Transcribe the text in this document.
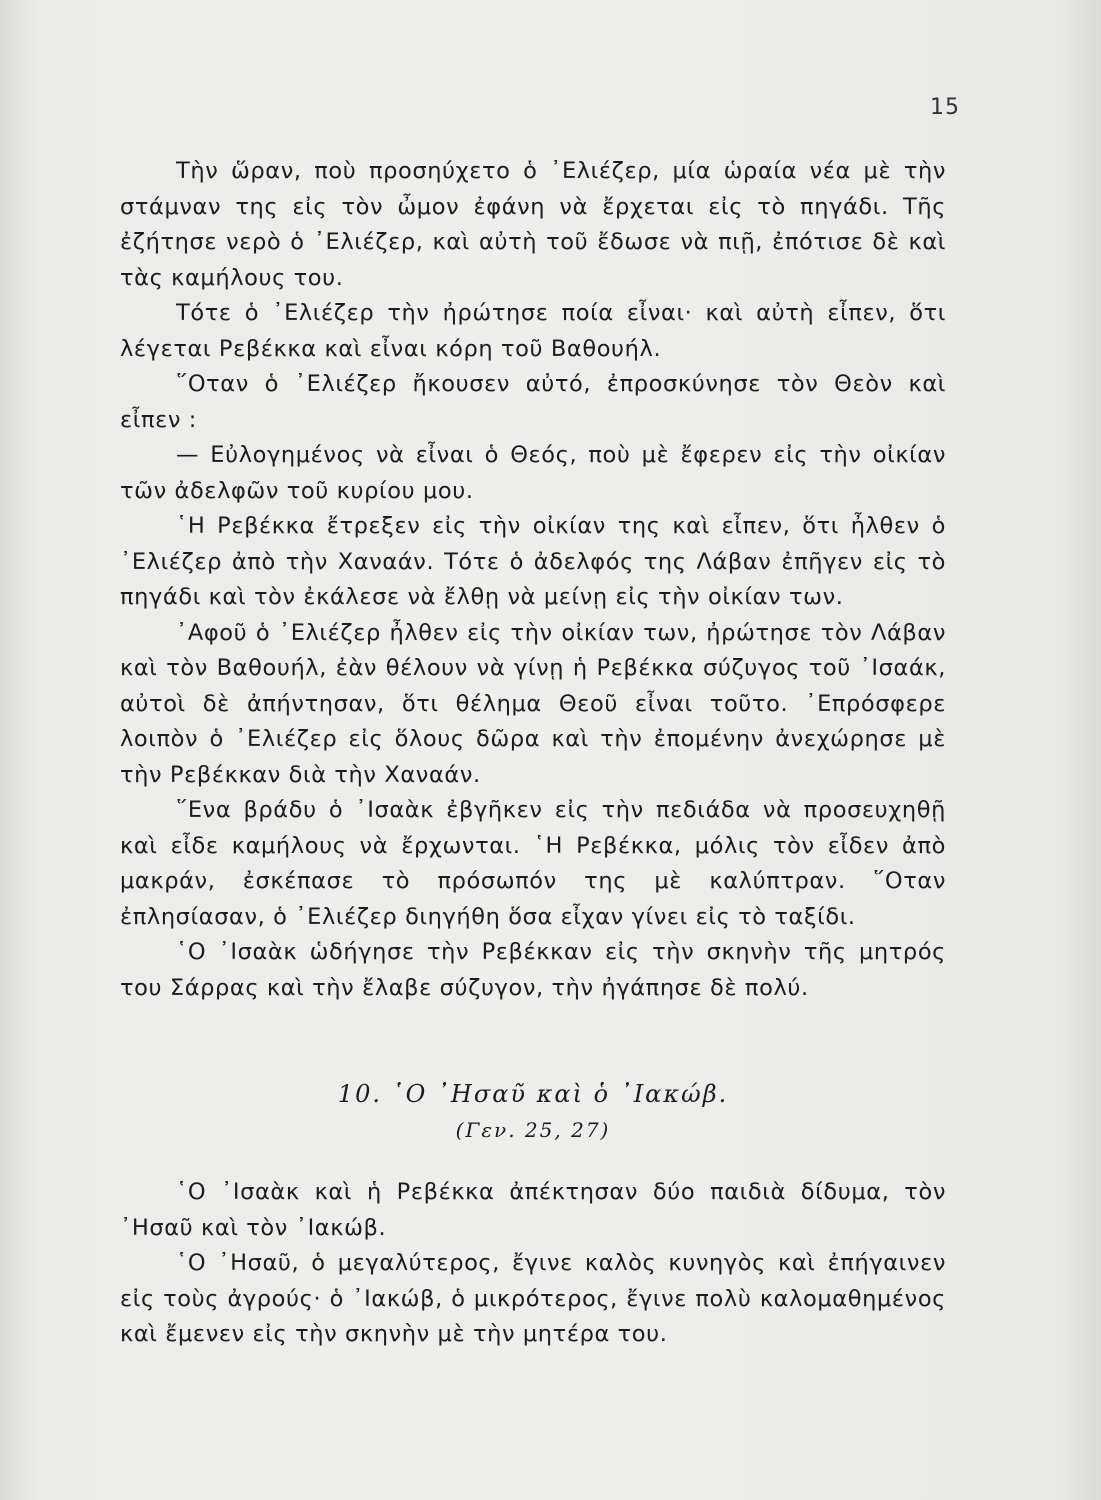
15

Τὴν ὥραν, ποὺ προσηύχετο ὁ ᾿Ελιέζερ, μία ὡραία νέα μὲ τὴν στάμναν της εἰς τὸν ὦμον ἐφάνη νὰ ἔρχεται εἰς τὸ πηγάδι. Τῆς ἐζήτησε νερὸ ὁ ᾿Ελιέζερ, καὶ αὐτὴ τοῦ ἔδωσε νὰ πιῇ, ἐπότισε δὲ καὶ τὰς καμήλους του.

Τότε ὁ ᾿Ελιέζερ τὴν ἠρώτησε ποία εἶναι· καὶ αὐτὴ εἶπεν, ὅτι λέγεται Ρεβέκκα καὶ εἶναι κόρη τοῦ Βαθουήλ.

῞Οταν ὁ ᾿Ελιέζερ ἤκουσεν αὐτό, ἐπροσκύνησε τὸν Θεὸν καὶ εἶπεν :

— Εὐλογημένος νὰ εἶναι ὁ Θεός, ποὺ μὲ ἔφερεν εἰς τὴν οἰκίαν τῶν ἀδελφῶν τοῦ κυρίου μου.

῾Η Ρεβέκκα ἔτρεξεν εἰς τὴν οἰκίαν της καὶ εἶπεν, ὅτι ἦλθεν ὁ ᾿Ελιέζερ ἀπὸ τὴν Χαναάν. Τότε ὁ ἀδελφός της Λάβαν ἐπῆγεν εἰς τὸ πηγάδι καὶ τὸν ἐκάλεσε νὰ ἔλθῃ νὰ μείνῃ εἰς τὴν οἰκίαν των.

᾿Αφοῦ ὁ ᾿Ελιέζερ ἦλθεν εἰς τὴν οἰκίαν των, ἠρώτησε τὸν Λάβαν καὶ τὸν Βαθουήλ, ἐὰν θέλουν νὰ γίνῃ ἡ Ρεβέκκα σύζυγος τοῦ ᾿Ισαάκ, αὐτοὶ δὲ ἀπήντησαν, ὅτι θέλημα Θεοῦ εἶναι τοῦτο. ᾿Επρόσφερε λοιπὸν ὁ ᾿Ελιέζερ εἰς ὅλους δῶρα καὶ τὴν ἐπομένην ἀνεχώρησε μὲ τὴν Ρεβέκκαν διὰ τὴν Χαναάν.

῞Ενα βράδυ ὁ ᾿Ισαὰκ ἐβγῆκεν εἰς τὴν πεδιάδα νὰ προσευχηθῇ καὶ εἶδε καμήλους νὰ ἔρχωνται. ῾Η Ρεβέκκα, μόλις τὸν εἶδεν ἀπὸ μακράν, ἐσκέπασε τὸ πρόσωπόν της μὲ καλύπτραν. ῞Οταν ἐπλησίασαν, ὁ ᾿Ελιέζερ διηγήθη ὅσα εἶχαν γίνει εἰς τὸ ταξίδι.

῾Ο ᾿Ισαὰκ ὡδήγησε τὴν Ρεβέκκαν εἰς τὴν σκηνὴν τῆς μητρός του Σάρρας καὶ τὴν ἔλαβε σύζυγον, τὴν ἠγάπησε δὲ πολύ.

10. ῾Ο ᾿Ησαῦ καὶ ὁ ᾿Ιακώβ.
(Γεν. 25, 27)

῾Ο ᾿Ισαὰκ καὶ ἡ Ρεβέκκα ἀπέκτησαν δύο παιδιὰ δίδυμα, τὸν ᾿Ησαῦ καὶ τὸν ᾿Ιακώβ.

῾Ο ᾿Ησαῦ, ὁ μεγαλύτερος, ἔγινε καλὸς κυνηγὸς καὶ ἐπήγαινεν εἰς τοὺς ἀγρούς· ὁ ᾿Ιακώβ, ὁ μικρότερος, ἔγινε πολὺ καλομαθημένος καὶ ἔμενεν εἰς τὴν σκηνὴν μὲ τὴν μητέρα του.
